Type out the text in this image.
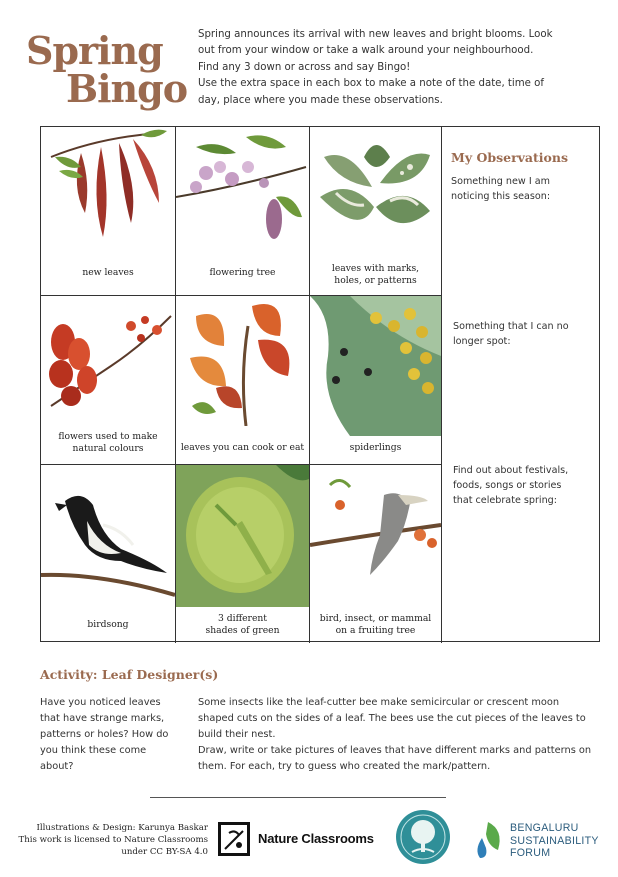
Spring
Bingo

Spring announces its arrival with new leaves and bright blooms. Look

out from your window or take a walk around your neighbourhood.

Find any 3 down or across and say Bingo!

Use the extra space in each box to make a note of the date, time of

day, place where you made these observations.

new leaves	flowering tree	leaves with marks,
holes, or patterns
flowers used to make
natural colours	leaves you can cook or eat	spiderlings
birdsong
3 different
shades of green
bird, insect, or mammal
on a fruiting tree
My Observations
Something new I am noticing this season:
Something that I can no longer spot:
Find out about festivals, foods, songs or stories that celebrate spring:
Activity: Leaf Designer(s)
Have you noticed leaves that have strange marks, patterns or holes? How do you think these come about?

Some insects like the leaf-cutter bee make semicircular or crescent moon shaped cuts on the sides of a leaf. The bees use the cut pieces of the leaves to build their nest.

Draw, write or take pictures of leaves that have different marks and patterns on them. For each, try to guess who created the mark/pattern.

Illustrations & Design: Karunya Baskar
This work is licensed to Nature Classrooms
under CC BY-SA 4.0
Nature Classrooms
BENGALURU
SUSTAINABILITY
FORUM
